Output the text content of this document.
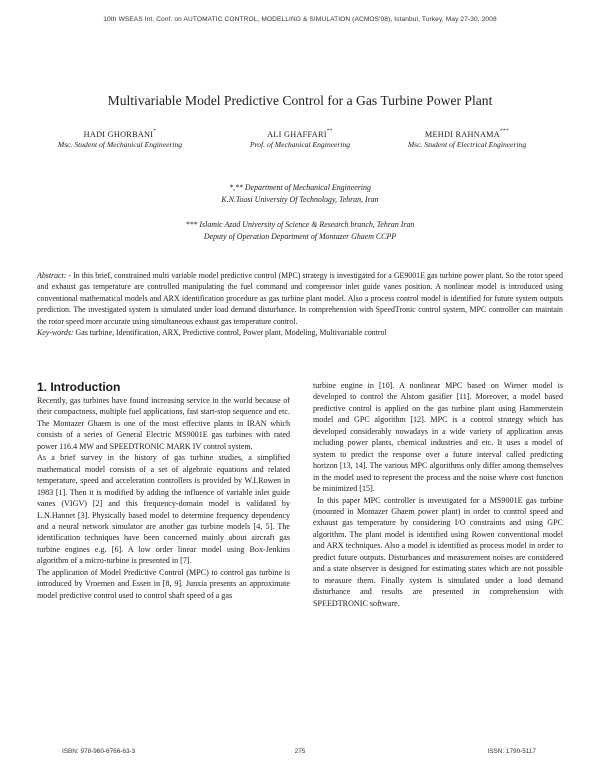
10th WSEAS Int. Conf. on AUTOMATIC CONTROL, MODELLING & SIMULATION (ACMOS'08), Istanbul, Turkey, May 27-30, 2008
Multivariable Model Predictive Control for a Gas Turbine Power Plant
HADI GHORBANI*
Msc. Student of Mechanical Engineering
ALI GHAFFARI**
Prof. of Mechanical Engineering
MEHDI RAHNAMA***
Msc. Student of Electrical Engineering
*,** Department of Mechanical Engineering
K.N.Toosi University Of Technology, Tehran, Iran
*** Islamic Azad University of Science & Research branch, Tehran Iran
Deputy of Operation Department of Montazer Ghaem CCPP
Abstract: - In this brief, constrained multi variable model predictive control (MPC) strategy is investigated for a GE9001E gas turbine power plant. So the rotor speed and exhaust gas temperature are controlled manipulating the fuel command and compressor inlet guide vanes position. A nonlinear model is introduced using conventional mathematical models and ARX identification procedure as gas turbine plant model. Also a process control model is identified for future system outputs prediction. The investigated system is simulated under load demand disturbance. In comprehension with SpeedTronic control system, MPC controller can maintain the rotor speed more accurate using simultaneous exhaust gas temperature control.
Key-words: Gas turbine, Identification, ARX, Predictive control, Power plant, Modeling, Multivariable control
1. Introduction

Recently, gas turbines have found increasing service in the world because of their compactness, multiple fuel applications, fast start-stop sequence and etc. The Montazer Ghaem is one of the most effective plants in IRAN which consists of a series of General Electric MS9001E gas turbines with rated power 116.4 MW and SPEEDTRONIC MARK IV control system.

As a brief survey in the history of gas turbine studies, a simplified mathematical model consists of a set of algebraic equations and related temperature, speed and acceleration controllers is provided by W.I.Rowen in 1983 [1]. Then it is modified by adding the influence of variable inlet guide vanes (VIGV) [2] and this frequency-domain model is validated by L.N.Hannet [3]. Physically based model to determine frequency dependency and a neural network simulator are another gas turbine models [4, 5]. The identification techniques have been concerned mainly about aircraft gas turbine engines e.g. [6]. A low order linear model using Box-Jenkins algorithm of a micro-turbine is presented in [7].

The application of Model Predictive Control (MPC) to control gas turbine is introduced by Vroemen and Essen in [8, 9]. Junxia presents an approximate model predictive control used to control shaft speed of a gas

turbine engine in [10]. A nonlinear MPC based on Wiener model is developed to control the Alstom gasifier [11]. Moreover, a model based predictive control is applied on the gas turbine plant using Hammerstein model and GPC algorithm [12]. MPC is a control strategy which has developed considerably nowadays in a wide variety of application areas including power plants, chemical industries and etc. It uses a model of system to predict the response over a future interval called predicting horizon [13, 14]. The various MPC algorithms only differ among themselves in the model used to represent the process and the noise where cost function be minimized [15].

In this paper MPC controller is investigated for a MS9001E gas turbine (mounted in Montazer Ghaem power plant) in order to control speed and exhaust gas temperature by considering I/O constraints and using GPC algorithm. The plant model is identified using Rowen conventional model and ARX techniques. Also a model is identified as process model in order to predict future outputs. Disturbances and measurement noises are considered and a state observer is designed for estimating states which are not possible to measure them. Finally system is simulated under a load demand disturbance and results are presented in comprehension with SPEEDTRONIC software.

ISBN: 978-960-6766-63-3	275	ISSN: 1790-5117
